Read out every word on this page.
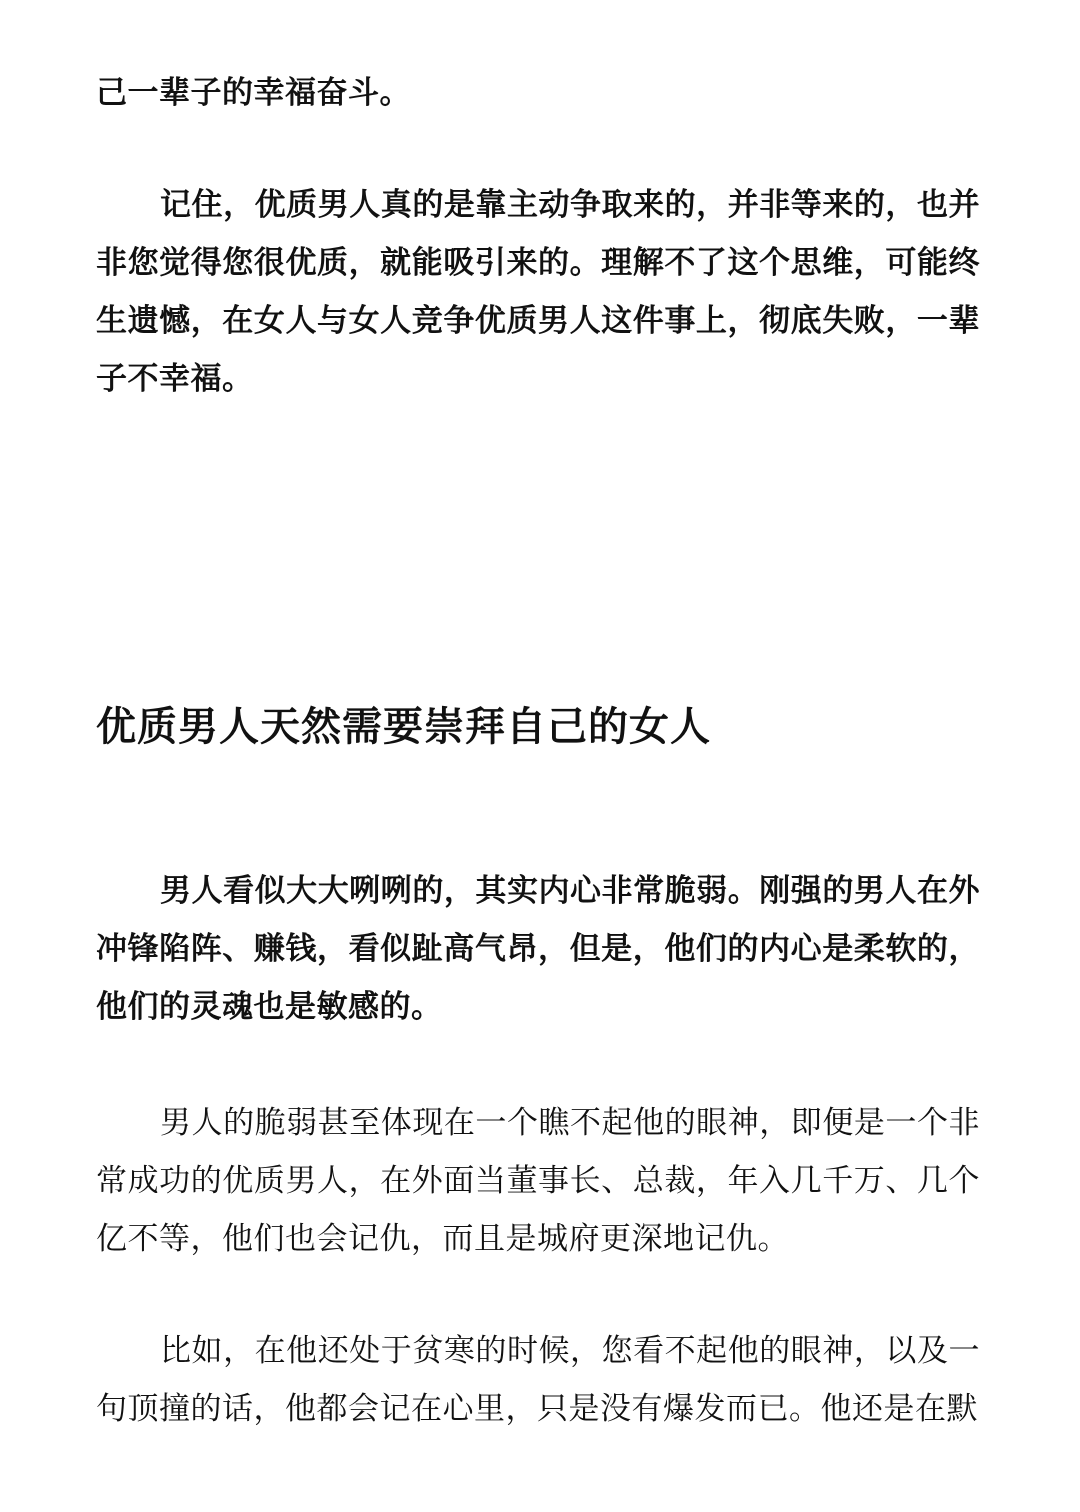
己一辈子的幸福奋斗。

记住，优质男人真的是靠主动争取来的，并非等来的，也并非您觉得您很优质，就能吸引来的。理解不了这个思维，可能终生遗憾，在女人与女人竞争优质男人这件事上，彻底失败，一辈子不幸福。

优质男人天然需要崇拜自己的女人

男人看似大大咧咧的，其实内心非常脆弱。刚强的男人在外冲锋陷阵、赚钱，看似趾高气昂，但是，他们的内心是柔软的，他们的灵魂也是敏感的。

男人的脆弱甚至体现在一个瞧不起他的眼神，即便是一个非常成功的优质男人，在外面当董事长、总裁，年入几千万、几个亿不等，他们也会记仇，而且是城府更深地记仇。

比如，在他还处于贫寒的时候，您看不起他的眼神，以及一句顶撞的话，他都会记在心里，只是没有爆发而已。他还是在默
